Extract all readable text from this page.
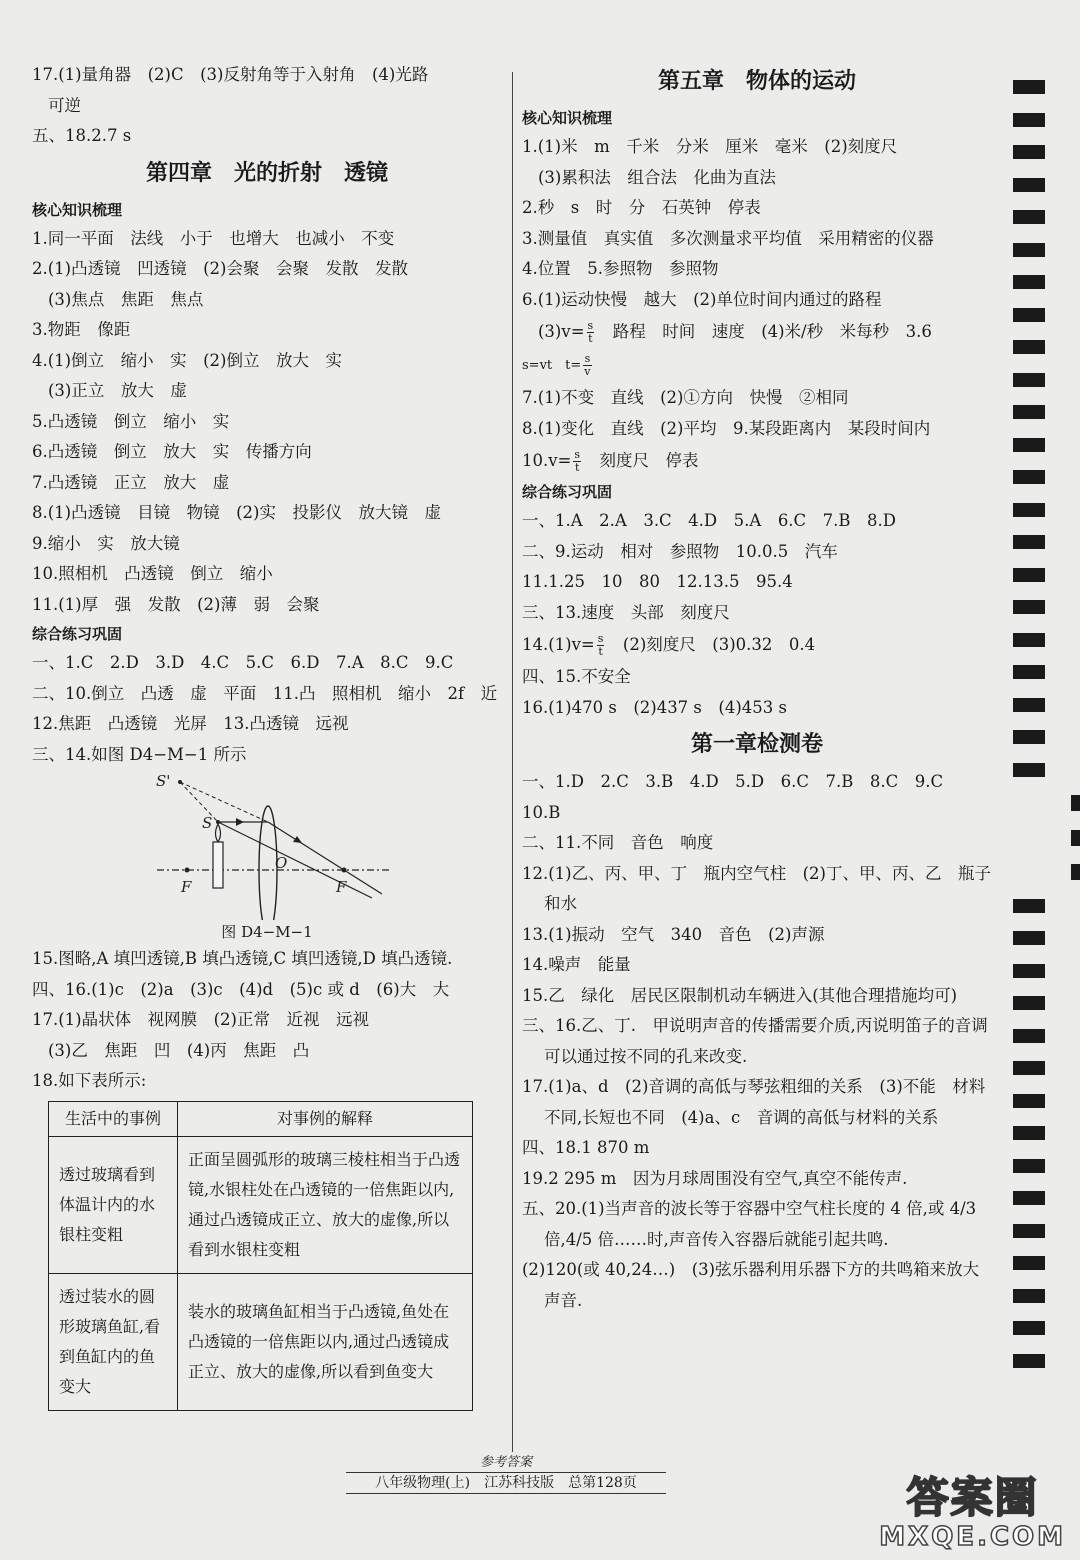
17.(1)量角器　(2)C　(3)反射角等于入射角　(4)光路
可逆
五、18.2.7 s
第四章　光的折射　透镜
核心知识梳理
1.同一平面　法线　小于　也增大　也减小　不变
2.(1)凸透镜　凹透镜　(2)会聚　会聚　发散　发散
(3)焦点　焦距　焦点
3.物距　像距
4.(1)倒立　缩小　实　(2)倒立　放大　实
(3)正立　放大　虚
5.凸透镜　倒立　缩小　实
6.凸透镜　倒立　放大　实　传播方向
7.凸透镜　正立　放大　虚
8.(1)凸透镜　目镜　物镜　(2)实　投影仪　放大镜　虚
9.缩小　实　放大镜
10.照相机　凸透镜　倒立　缩小
11.(1)厚　强　发散　(2)薄　弱　会聚
综合练习巩固
一、1.C　2.D　3.D　4.C　5.C　6.D　7.A　8.C　9.C
二、10.倒立　凸透　虚　平面　11.凸　照相机　缩小　2f　近
12.焦距　凸透镜　光屏　13.凸透镜　远视
三、14.如图 D4−M−1 所示
S'
S
O
F	F
图 D4−M−1
15.图略,A 填凹透镜,B 填凸透镜,C 填凹透镜,D 填凸透镜.
四、16.(1)c　(2)a　(3)c　(4)d　(5)c 或 d　(6)大　大
17.(1)晶状体　视网膜　(2)正常　近视　远视
(3)乙　焦距　凹　(4)丙　焦距　凸
18.如下表所示:
生活中的事例	对事例的解释
透过玻璃看到体温计内的水银柱变粗	正面呈圆弧形的玻璃三棱柱相当于凸透镜,水银柱处在凸透镜的一倍焦距以内,通过凸透镜成正立、放大的虚像,所以看到水银柱变粗
透过装水的圆形玻璃鱼缸,看到鱼缸内的鱼变大	装水的玻璃鱼缸相当于凸透镜,鱼处在凸透镜的一倍焦距以内,通过凸透镜成正立、放大的虚像,所以看到鱼变大
第五章　物体的运动
核心知识梳理
1.(1)米　m　千米　分米　厘米　毫米　(2)刻度尺
(3)累积法　组合法　化曲为直法
2.秒　s　时　分　石英钟　停表
3.测量值　真实值　多次测量求平均值　采用精密的仪器
4.位置　5.参照物　参照物
6.(1)运动快慢　越大　(2)单位时间内通过的路程
$(3)v= \frac{s}{t}$ 　路程　时间　速度　(4)米/秒　米每秒　3.6
s=vt　 $t= \frac{s}{v}$
7.(1)不变　直线　(2)①方向　快慢　②相同
8.(1)变化　直线　(2)平均　9.某段距离内　某段时间内
$10.v= \frac{s}{t}$ 　刻度尺　停表
综合练习巩固
一、1.A　2.A　3.C　4.D　5.A　6.C　7.B　8.D
二、9.运动　相对　参照物　10.0.5　汽车
11.1.25　10　80　12.13.5　95.4
三、13.速度　头部　刻度尺
$14.(1)v= \frac{s}{t}$ 　(2)刻度尺　(3)0.32　0.4
四、15.不安全
16.(1)470 s　(2)437 s　(4)453 s
第一章检测卷
一、1.D　2.C　3.B　4.D　5.D　6.C　7.B　8.C　9.C
10.B
二、11.不同　音色　响度
12.(1)乙、丙、甲、丁　瓶内空气柱　(2)丁、甲、丙、乙　瓶子和水
13.(1)振动　空气　340　音色　(2)声源
14.噪声　能量
15.乙　绿化　居民区限制机动车辆进入(其他合理措施均可)
三、16.乙、丁.　甲说明声音的传播需要介质,丙说明笛子的音调可以通过按不同的孔来改变.
17.(1)a、d　(2)音调的高低与琴弦粗细的关系　(3)不能　材料不同,长短也不同　(4)a、c　音调的高低与材料的关系
四、18.1 870 m
19.2 295 m　因为月球周围没有空气,真空不能传声.
五、20.(1)当声音的波长等于容器中空气柱长度的 4 倍,或 4/3 倍,4/5 倍……时,声音传入容器后就能引起共鸣.
(2)120(或 40,24…)　(3)弦乐器利用乐器下方的共鸣箱来放大声音.
参考答案
八年级物理(上)　江苏科技版　总第128页	答案圈
MXQE.COM
